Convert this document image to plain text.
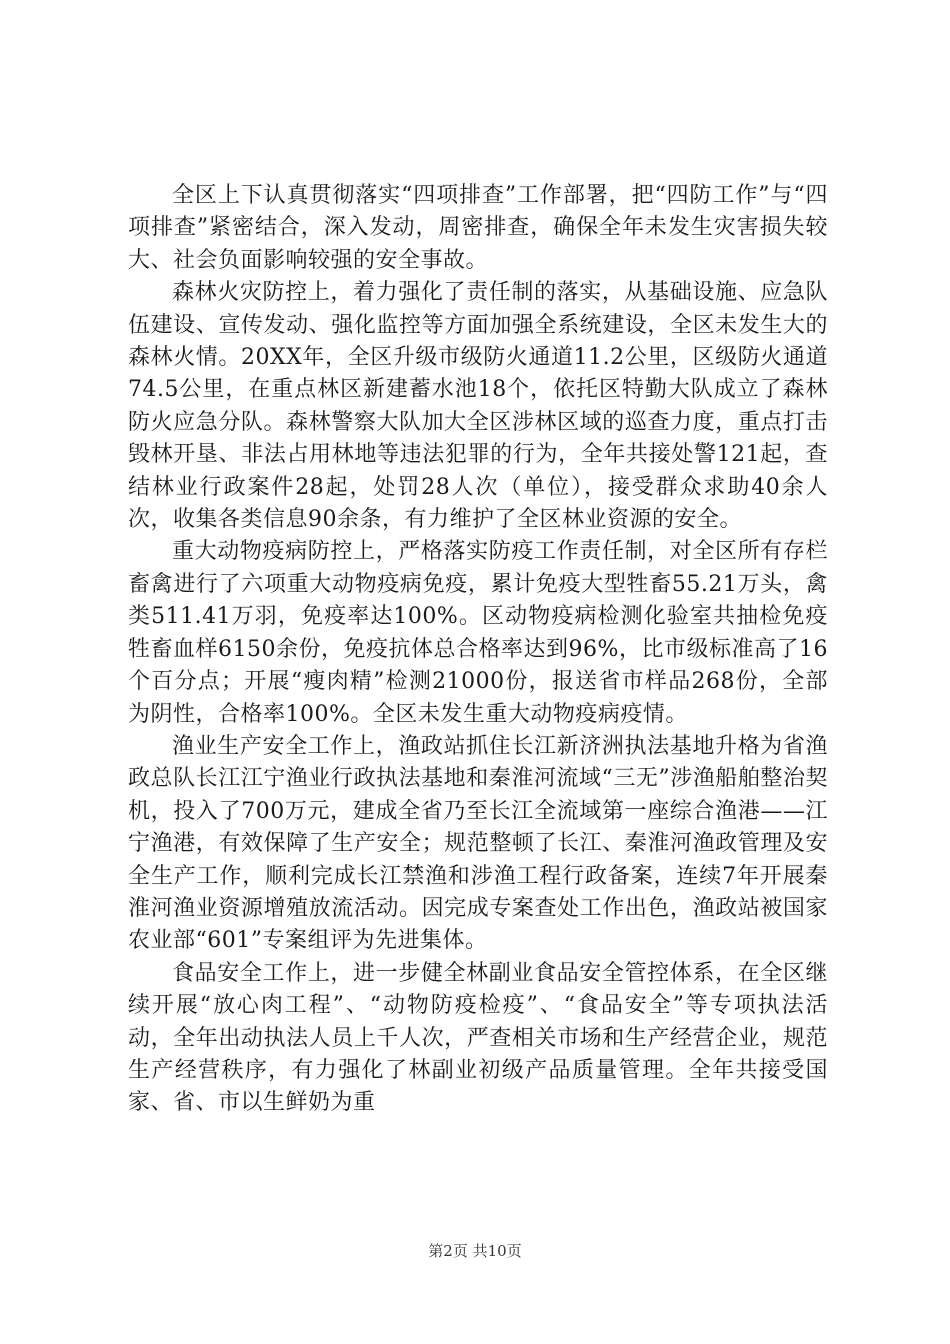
全区上下认真贯彻落实“四项排查”工作部署，把“四防工作”与“四项排查”紧密结合，深入发动，周密排查，确保全年未发生灾害损失较大、社会负面影响较强的安全事故。

森林火灾防控上，着力强化了责任制的落实，从基础设施、应急队伍建设、宣传发动、强化监控等方面加强全系统建设，全区未发生大的森林火情。20XX年，全区升级市级防火通道11.2公里，区级防火通道74.5公里，在重点林区新建蓄水池18个，依托区特勤大队成立了森林防火应急分队。森林警察大队加大全区涉林区域的巡查力度，重点打击毁林开垦、非法占用林地等违法犯罪的行为，全年共接处警121起，查结林业行政案件28起，处罚28人次（单位），接受群众求助40余人次，收集各类信息90余条，有力维护了全区林业资源的安全。

重大动物疫病防控上，严格落实防疫工作责任制，对全区所有存栏畜禽进行了六项重大动物疫病免疫，累计免疫大型牲畜55.21万头，禽类511.41万羽，免疫率达100%。区动物疫病检测化验室共抽检免疫牲畜血样6150余份，免疫抗体总合格率达到96%，比市级标准高了16个百分点；开展“瘦肉精”检测21000份，报送省市样品268份，全部为阴性，合格率100%。全区未发生重大动物疫病疫情。

渔业生产安全工作上，渔政站抓住长江新济洲执法基地升格为省渔政总队长江江宁渔业行政执法基地和秦淮河流域“三无”涉渔船舶整治契机，投入了700万元，建成全省乃至长江全流域第一座综合渔港——江宁渔港，有效保障了生产安全；规范整顿了长江、秦淮河渔政管理及安全生产工作，顺利完成长江禁渔和涉渔工程行政备案，连续7年开展秦淮河渔业资源增殖放流活动。因完成专案查处工作出色，渔政站被国家农业部“601”专案组评为先进集体。

食品安全工作上，进一步健全林副业食品安全管控体系，在全区继续开展“放心肉工程”、“动物防疫检疫”、“食品安全”等专项执法活动，全年出动执法人员上千人次，严查相关市场和生产经营企业，规范生产经营秩序，有力强化了林副业初级产品质量管理。全年共接受国家、省、市以生鲜奶为重

第2页 共10页
